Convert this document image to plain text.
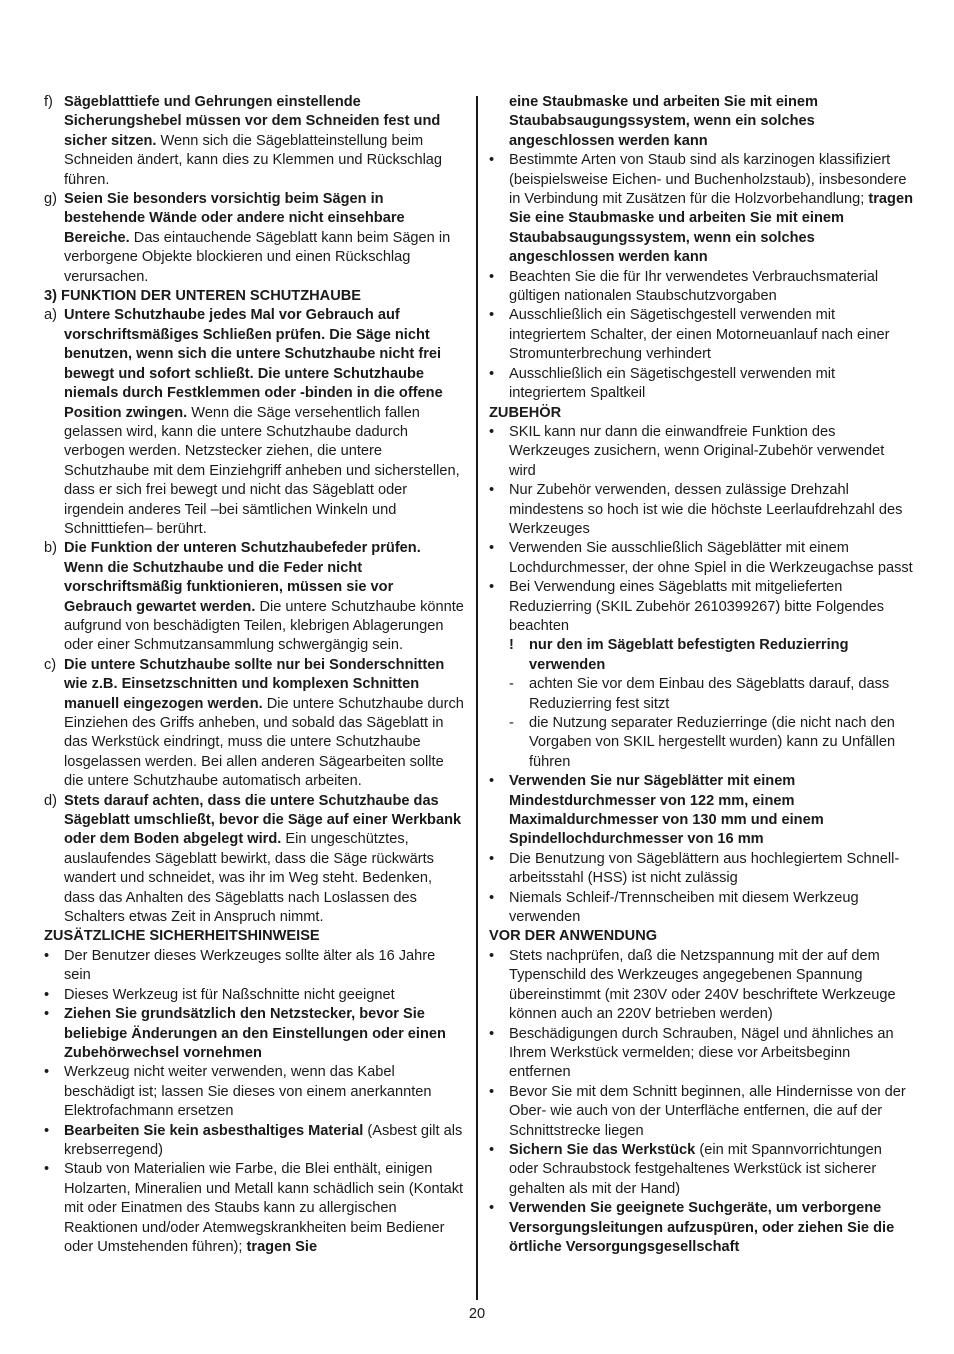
f) Sägeblatttiefe und Gehrungen einstellende Sicherungshebel müssen vor dem Schneiden fest und sicher sitzen. Wenn sich die Sägeblatteinstellung beim Schneiden ändert, kann dies zu Klemmen und Rückschlag führen.
g) Seien Sie besonders vorsichtig beim Sägen in bestehende Wände oder andere nicht einsehbare Bereiche. Das eintauchende Sägeblatt kann beim Sägen in verborgene Objekte blockieren und einen Rückschlag verursachen.
3) FUNKTION DER UNTEREN SCHUTZHAUBE
a) Untere Schutzhaube jedes Mal vor Gebrauch auf vorschriftsmäßiges Schließen prüfen. Die Säge nicht benutzen, wenn sich die untere Schutzhaube nicht frei bewegt und sofort schließt. Die untere Schutzhaube niemals durch Festklemmen oder -binden in die offene Position zwingen. Wenn die Säge versehentlich fallen gelassen wird, kann die untere Schutzhaube dadurch verbogen werden. Netzstecker ziehen, die untere Schutzhaube mit dem Einziehgriff anheben und sicherstellen, dass er sich frei bewegt und nicht das Sägeblatt oder irgendein anderes Teil –bei sämtlichen Winkeln und Schnitttiefen– berührt.
b) Die Funktion der unteren Schutzhaubefeder prüfen. Wenn die Schutzhaube und die Feder nicht vorschriftsmäßig funktionieren, müssen sie vor Gebrauch gewartet werden. Die untere Schutzhaube könnte aufgrund von beschädigten Teilen, klebrigen Ablagerungen oder einer Schmutzansammlung schwergängig sein.
c) Die untere Schutzhaube sollte nur bei Sonderschnitten wie z.B. Einsetzschnitten und komplexen Schnitten manuell eingezogen werden. Die untere Schutzhaube durch Einziehen des Griffs anheben, und sobald das Sägeblatt in das Werkstück eindringt, muss die untere Schutzhaube losgelassen werden. Bei allen anderen Sägearbeiten sollte die untere Schutzhaube automatisch arbeiten.
d) Stets darauf achten, dass die untere Schutzhaube das Sägeblatt umschließt, bevor die Säge auf einer Werkbank oder dem Boden abgelegt wird. Ein ungeschütztes, auslaufendes Sägeblatt bewirkt, dass die Säge rückwärts wandert und schneidet, was ihr im Weg steht. Bedenken, dass das Anhalten des Sägeblatts nach Loslassen des Schalters etwas Zeit in Anspruch nimmt.
ZUSÄTZLICHE SICHERHEITSHINWEISE
•	Der Benutzer dieses Werkzeuges sollte älter als 16 Jahre sein
•	Dieses Werkzeug ist für Naßschnitte nicht geeignet
•	Ziehen Sie grundsätzlich den Netzstecker, bevor Sie beliebige Änderungen an den Einstellungen oder einen Zubehörwechsel vornehmen
•	Werkzeug nicht weiter verwenden, wenn das Kabel beschädigt ist; lassen Sie dieses von einem anerkannten Elektrofachmann ersetzen
•	Bearbeiten Sie kein asbesthaltiges Material (Asbest gilt als krebserregend)
•	Staub von Materialien wie Farbe, die Blei enthält, einigen Holzarten, Mineralien und Metall kann schädlich sein (Kontakt mit oder Einatmen des Staubs kann zu allergischen Reaktionen und/oder Atemwegskrankheiten beim Bediener oder Umstehenden führen); tragen Sie
eine Staubmaske und arbeiten Sie mit einem Staubabsaugungssystem, wenn ein solches angeschlossen werden kann
•	Bestimmte Arten von Staub sind als karzinogen klassifiziert (beispielsweise Eichen- und Buchenholzstaub), insbesondere in Verbindung mit Zusätzen für die Holzvorbehandlung; tragen Sie eine Staubmaske und arbeiten Sie mit einem Staubabsaugungssystem, wenn ein solches angeschlossen werden kann
•	Beachten Sie die für Ihr verwendetes Verbrauchsmaterial gültigen nationalen Staubschutzvorgaben
•	Ausschließlich ein Sägetischgestell verwenden mit integriertem Schalter, der einen Motorneuanlauf nach einer Stromunterbrechung verhindert
•	Ausschließlich ein Sägetischgestell verwenden mit integriertem Spaltkeil
ZUBEHÖR
•	SKIL kann nur dann die einwandfreie Funktion des Werkzeuges zusichern, wenn Original-Zubehör verwendet wird
•	Nur Zubehör verwenden, dessen zulässige Drehzahl mindestens so hoch ist wie die höchste Leerlaufdrehzahl des Werkzeuges
•	Verwenden Sie ausschließlich Sägeblätter mit einem Lochdurchmesser, der ohne Spiel in die Werkzeugachse passt
•	Bei Verwendung eines Sägeblatts mit mitgelieferten Reduzierring (SKIL Zubehör 2610399267) bitte Folgendes beachten
!	nur den im Sägeblatt befestigten Reduzierring verwenden
-	achten Sie vor dem Einbau des Sägeblatts darauf, dass Reduzierring fest sitzt
-	die Nutzung separater Reduzierringe (die nicht nach den Vorgaben von SKIL hergestellt wurden) kann zu Unfällen führen
•	Verwenden Sie nur Sägeblätter mit einem Mindestdurchmesser von 122 mm, einem Maximaldurchmesser von 130 mm und einem Spindellochdurchmesser von 16 mm
•	Die Benutzung von Sägeblättern aus hochlegiertem Schnell- arbeitsstahl (HSS) ist nicht zulässig
•	Niemals Schleif-/Trennscheiben mit diesem Werkzeug verwenden
VOR DER ANWENDUNG
•	Stets nachprüfen, daß die Netzspannung mit der auf dem Typenschild des Werkzeuges angegebenen Spannung übereinstimmt (mit 230V oder 240V beschriftete Werkzeuge können auch an 220V betrieben werden)
•	Beschädigungen durch Schrauben, Nägel und ähnliches an Ihrem Werkstück vermelden; diese vor Arbeitsbeginn entfernen
•	Bevor Sie mit dem Schnitt beginnen, alle Hindernisse von der Ober- wie auch von der Unterfläche entfernen, die auf der Schnittstrecke liegen
•	Sichern Sie das Werkstück (ein mit Spannvorrichtungen oder Schraubstock festgehaltenes Werkstück ist sicherer gehalten als mit der Hand)
•	Verwenden Sie geeignete Suchgeräte, um verborgene Versorgungsleitungen aufzuspüren, oder ziehen Sie die örtliche Versorgungsgesellschaft
20
